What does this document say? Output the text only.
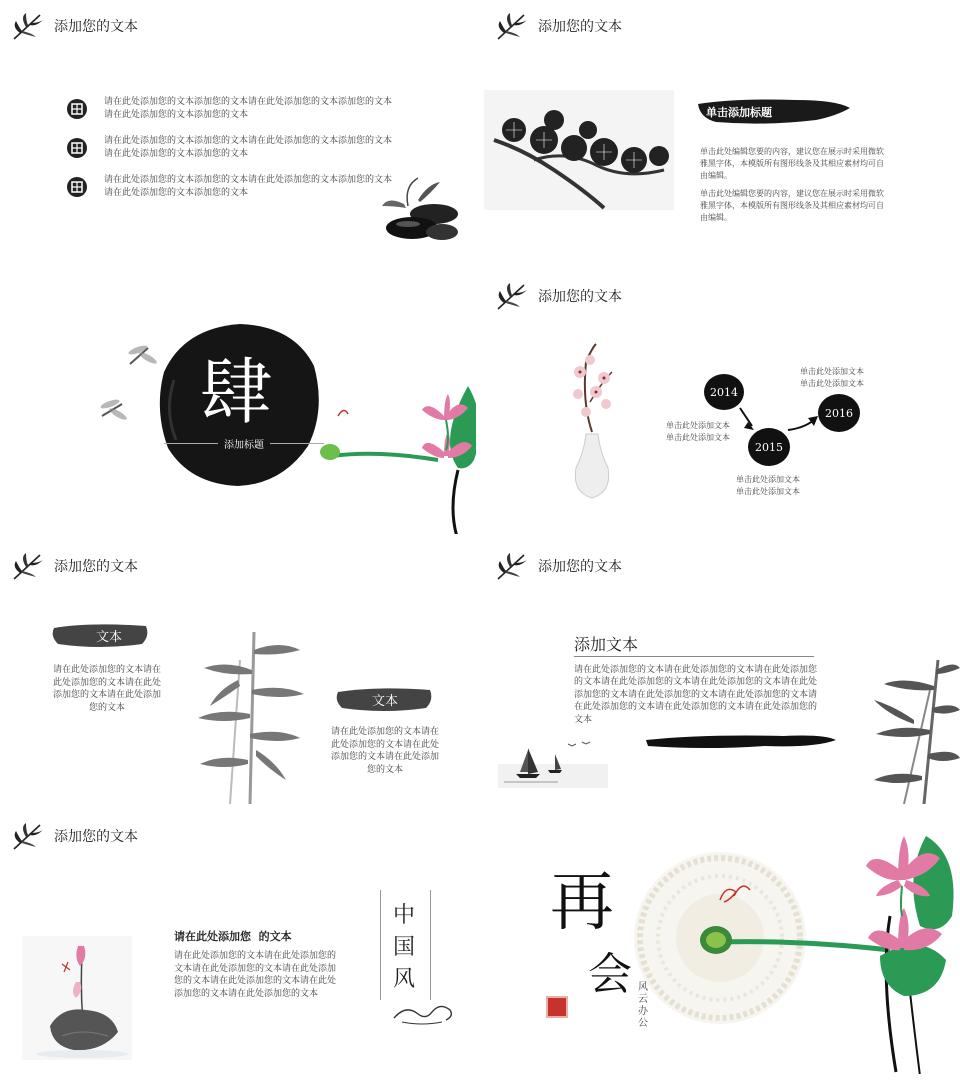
添加您的文本
请在此处添加您的文本添加您的文本请在此处添加您的文本添加您的文本请在此处添加您的文本添加您的文本
请在此处添加您的文本添加您的文本请在此处添加您的文本添加您的文本请在此处添加您的文本添加您的文本
请在此处添加您的文本添加您的文本请在此处添加您的文本添加您的文本请在此处添加您的文本添加您的文本
添加您的文本
单击添加标题
单击此处编辑您要的内容，建议您在展示时采用微软雅黑字体，本模版所有图形线条及其相应素材均可自由编辑。
单击此处编辑您要的内容，建议您在展示时采用微软雅黑字体，本模版所有图形线条及其相应素材均可自由编辑。
肆
添加标题
添加您的文本
2014
2015
2016
单击此处添加文本
单击此处添加文本
单击此处添加文本
单击此处添加文本
单击此处添加文本
单击此处添加文本
添加您的文本
文本
请在此处添加您的文本请在此处添加您的文本请在此处添加您的文本请在此处添加您的文本	文本
请在此处添加您的文本请在此处添加您的文本请在此处添加您的文本请在此处添加您的文本
添加您的文本
添加文本
请在此处添加您的文本请在此处添加您的文本请在此处添加您的文本请在此处添加您的文本请在此处添加您的文本请在此处添加您的文本请在此处添加您的文本请在此处添加您的文本请在此处添加您的文本请在此处添加您的文本请在此处添加您的文本
添加您的文本
请在此处添加您  的文本
请在此处添加您的文本请在此处添加您的文本请在此处添加您的文本请在此处添加您的文本请在此处添加您的文本请在此处添加您的文本请在此处添加您的文本
中国风
再
会 风云办公
